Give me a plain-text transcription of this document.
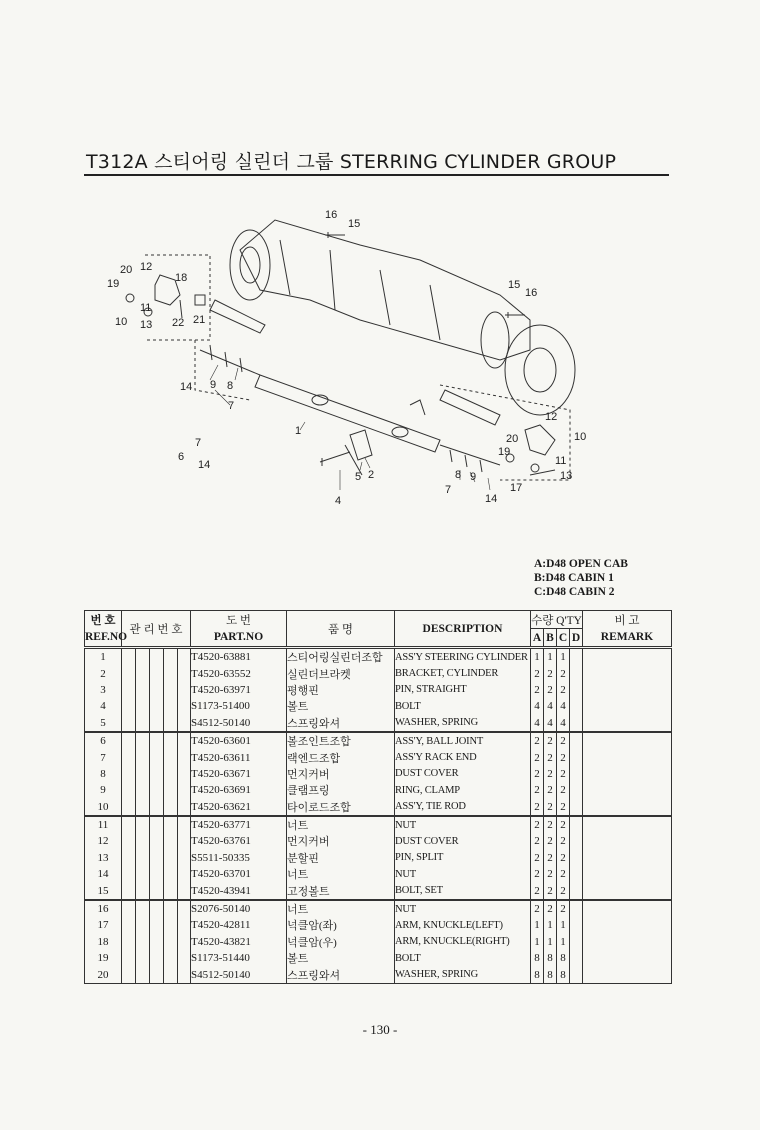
T312A 스티어링 실린더 그룹 STERRING CYLINDER GROUP
16
15
20 12
18
19
11
10 13 22 21
15
16
14 9 8
7
1
12
10
20
19
11
13
17
14
7
8 9
5 2
4
6
7
14
A:D48 OPEN CAB
B:D48 CABIN 1
C:D48 CABIN 2
번 호	관 리 번 호					도 번	품 명	DESCRIPTION	수량 Q'TY				비 고
REF.NO						PART.NO			A	B	C	D	REMARK
1						T4520-63881	스티어링실린더조합	ASS'Y STEERING CYLINDER	1	1	1		
2						T4520-63552	실린더브라켓	BRACKET, CYLINDER	2	2	2		
3						T4520-63971	평행핀	PIN, STRAIGHT	2	2	2		
4						S1173-51400	볼트	BOLT	4	4	4		
5						S4512-50140	스프링와셔	WASHER, SPRING	4	4	4		
6						T4520-63601	볼조인트조합	ASS'Y, BALL JOINT	2	2	2		
7						T4520-63611	랙엔드조합	ASS'Y RACK END	2	2	2		
8						T4520-63671	먼지커버	DUST COVER	2	2	2		
9						T4520-63691	클램프링	RING, CLAMP	2	2	2		
10						T4520-63621	타이로드조합	ASS'Y, TIE ROD	2	2	2		
11						T4520-63771	너트	NUT	2	2	2		
12						T4520-63761	먼지커버	DUST COVER	2	2	2		
13						S5511-50335	분할핀	PIN, SPLIT	2	2	2		
14						T4520-63701	너트	NUT	2	2	2		
15						T4520-43941	고정볼트	BOLT, SET	2	2	2		
16						S2076-50140	너트	NUT	2	2	2		
17						T4520-42811	넉클암(좌)	ARM, KNUCKLE(LEFT)	1	1	1		
18						T4520-43821	넉클암(우)	ARM, KNUCKLE(RIGHT)	1	1	1		
19						S1173-51440	볼트	BOLT	8	8	8		
20						S4512-50140	스프링와셔	WASHER, SPRING	8	8	8		
- 130 -
